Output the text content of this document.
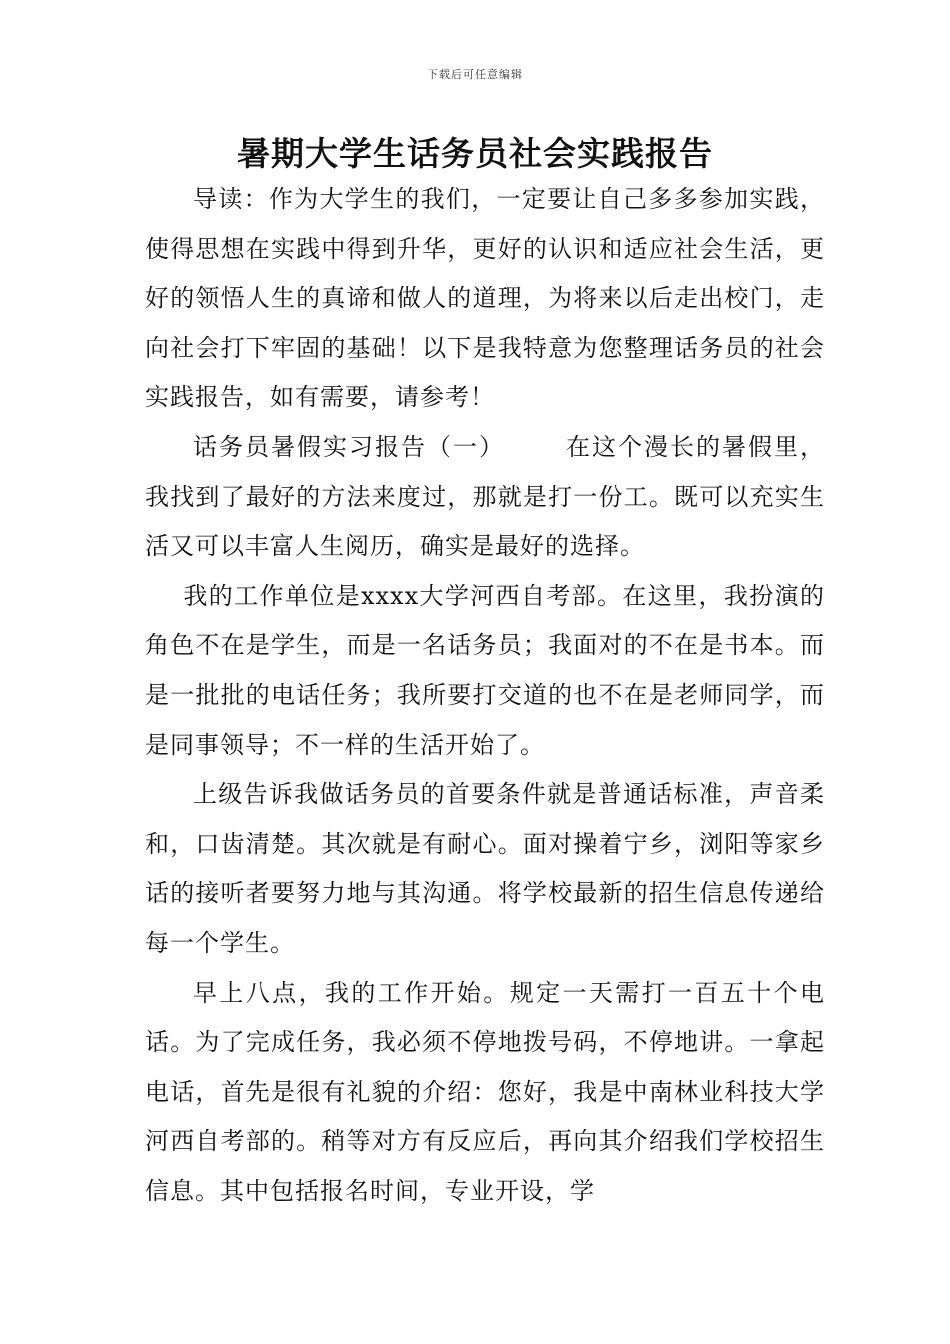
下载后可任意编辑
暑期大学生话务员社会实践报告

导读：作为大学生的我们，一定要让自己多多参加实践，使得思想在实践中得到升华，更好的认识和适应社会生活，更好的领悟人生的真谛和做人的道理，为将来以后走出校门，走向社会打下牢固的基础！以下是我特意为您整理话务员的社会实践报告，如有需要，请参考！

话务员暑假实习报告（一）	在这个漫长的暑假里，我找到了最好的方法来度过，那就是打一份工。既可以充实生活又可以丰富人生阅历，确实是最好的选择。

我的工作单位是xxxx大学河西自考部。在这里，我扮演的角色不在是学生，而是一名话务员；我面对的不在是书本。而是一批批的电话任务；我所要打交道的也不在是老师同学，而是同事领导；不一样的生活开始了。

上级告诉我做话务员的首要条件就是普通话标准，声音柔和，口齿清楚。其次就是有耐心。面对操着宁乡，浏阳等家乡话的接听者要努力地与其沟通。将学校最新的招生信息传递给每一个学生。

早上八点，我的工作开始。规定一天需打一百五十个电话。为了完成任务，我必须不停地拨号码，不停地讲。一拿起电话，首先是很有礼貌的介绍：您好，我是中南林业科技大学河西自考部的。稍等对方有反应后，再向其介绍我们学校招生信息。其中包括报名时间，专业开设，学
